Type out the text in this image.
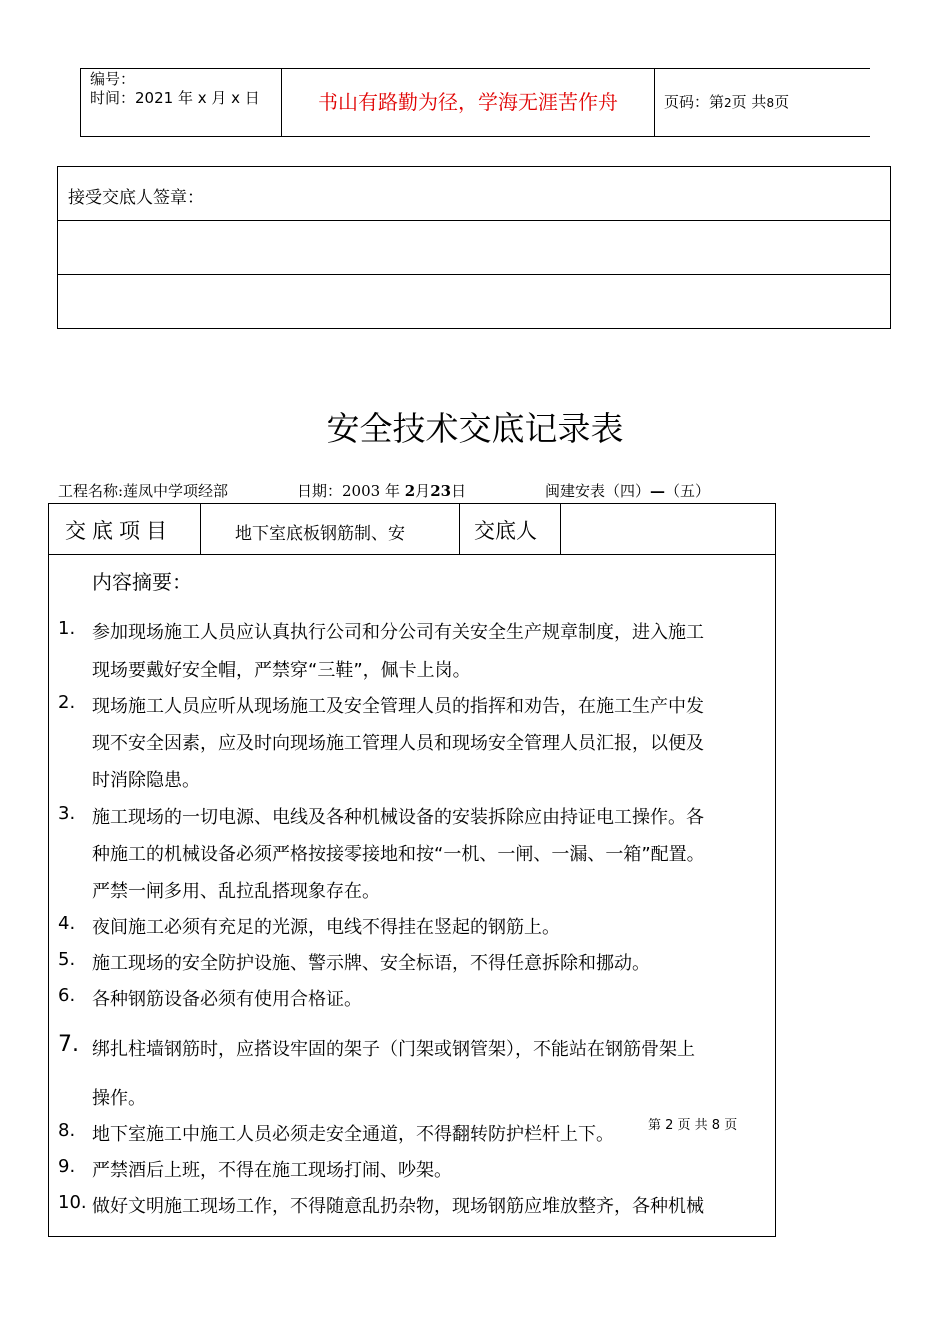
编号：
时间：2021 年 x 月 x 日	书山有路勤为径，学海无涯苦作舟	页码：第2页 共8页
接受交底人签章：
安全技术交底记录表
工程名称:莲凤中学项经部	日期：2003 年 2月23日	闽建安表（四）—（五）
交底项目	地下室底板钢筋制、安	交底人
内容摘要：
1. 参加现场施工人员应认真执行公司和分公司有关安全生产规章制度，进入施工
现场要戴好安全帽，严禁穿“三鞋”，佩卡上岗。
2. 现场施工人员应听从现场施工及安全管理人员的指挥和劝告，在施工生产中发
现不安全因素，应及时向现场施工管理人员和现场安全管理人员汇报，以便及
时消除隐患。
3. 施工现场的一切电源、电线及各种机械设备的安装拆除应由持证电工操作。各
种施工的机械设备必须严格按接零接地和按“一机、一闸、一漏、一箱”配置。
严禁一闸多用、乱拉乱搭现象存在。
4. 夜间施工必须有充足的光源，电线不得挂在竖起的钢筋上。
5. 施工现场的安全防护设施、警示牌、安全标语，不得任意拆除和挪动。
6. 各种钢筋设备必须有使用合格证。
7. 绑扎柱墙钢筋时，应搭设牢固的架子（门架或钢管架），不能站在钢筋骨架上
操作。
8. 地下室施工中施工人员必须走安全通道，不得翻转防护栏杆上下。	第 2 页 共 8 页
9. 严禁酒后上班，不得在施工现场打闹、吵架。
10. 做好文明施工现场工作，不得随意乱扔杂物，现场钢筋应堆放整齐，各种机械
